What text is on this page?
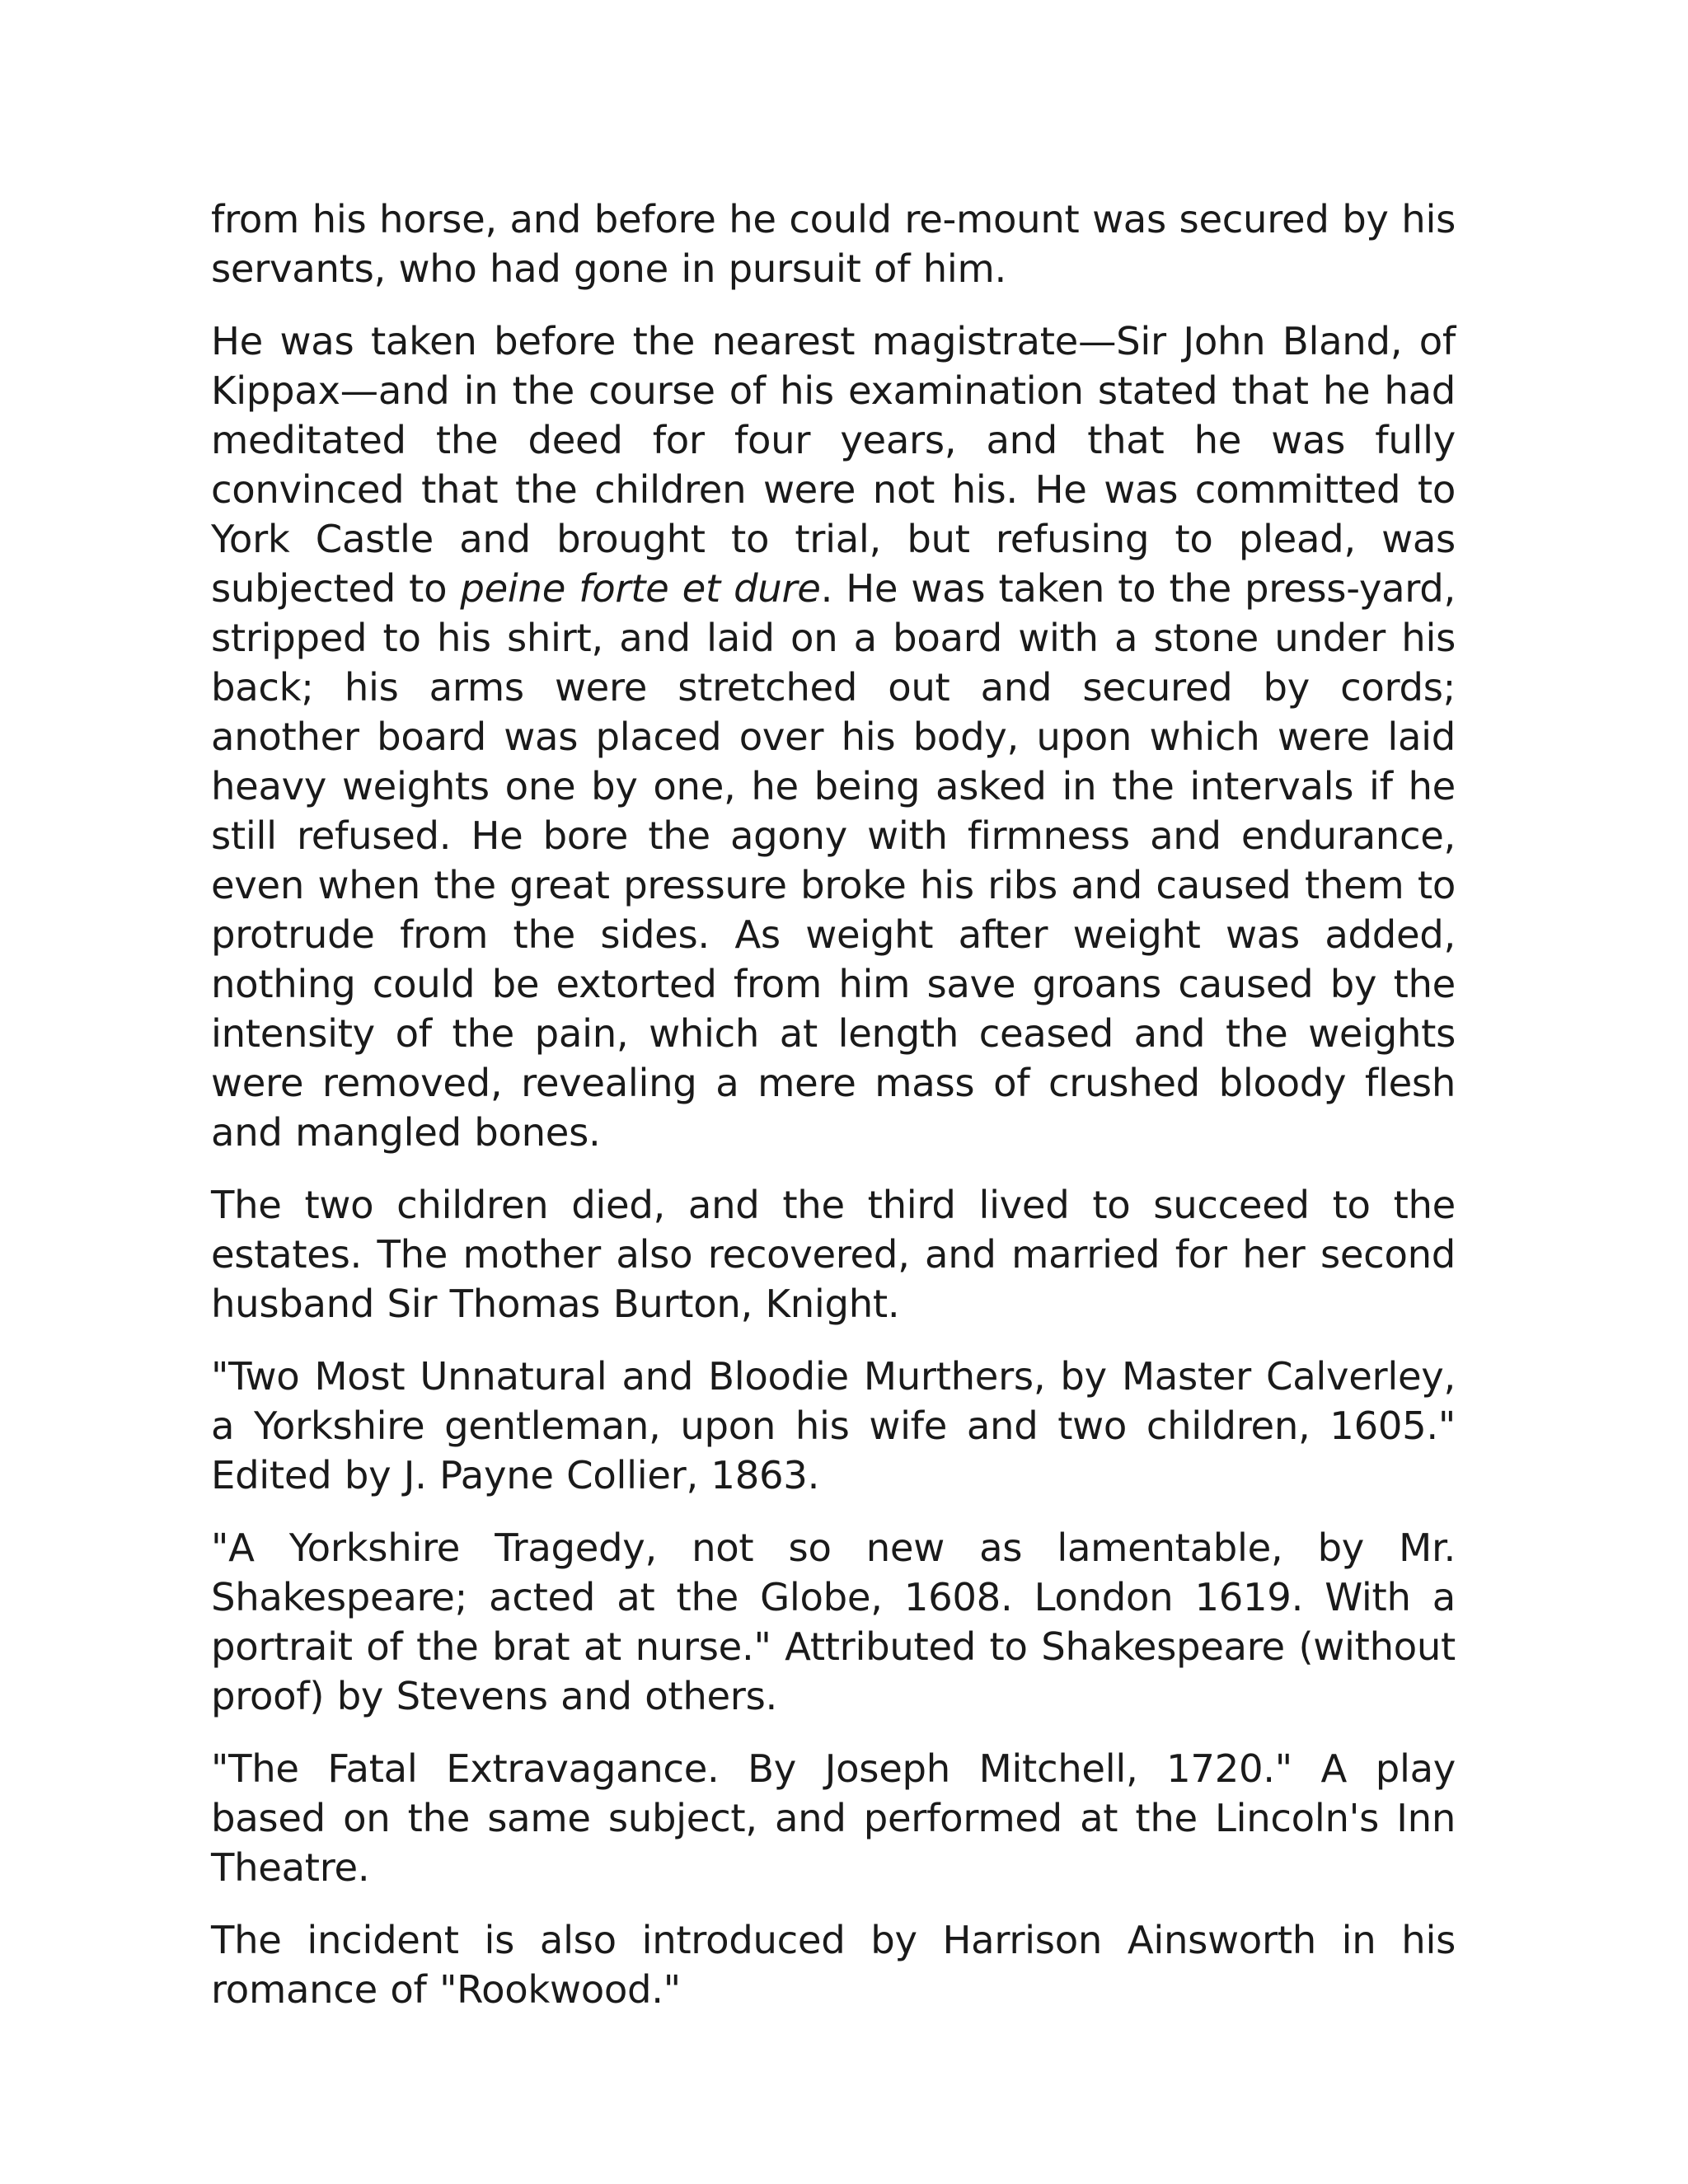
from his horse, and before he could re-mount was secured by his servants, who had gone in pursuit of him.

He was taken before the nearest magistrate—Sir John Bland, of Kippax—and in the course of his examination stated that he had meditated the deed for four years, and that he was fully convinced that the children were not his. He was committed to York Castle and brought to trial, but refusing to plead, was subjected to peine forte et dure. He was taken to the press-yard, stripped to his shirt, and laid on a board with a stone under his back; his arms were stretched out and secured by cords; another board was placed over his body, upon which were laid heavy weights one by one, he being asked in the intervals if he still refused. He bore the agony with firmness and endurance, even when the great pressure broke his ribs and caused them to protrude from the sides. As weight after weight was added, nothing could be extorted from him save groans caused by the intensity of the pain, which at length ceased and the weights were removed, revealing a mere mass of crushed bloody flesh and mangled bones.

The two children died, and the third lived to succeed to the estates. The mother also recovered, and married for her second husband Sir Thomas Burton, Knight.

"Two Most Unnatural and Bloodie Murthers, by Master Calverley, a Yorkshire gentleman, upon his wife and two children, 1605." Edited by J. Payne Collier, 1863.

"A Yorkshire Tragedy, not so new as lamentable, by Mr. Shakespeare; acted at the Globe, 1608. London 1619. With a portrait of the brat at nurse." Attributed to Shakespeare (without proof) by Stevens and others.

"The Fatal Extravagance. By Joseph Mitchell, 1720." A play based on the same subject, and performed at the Lincoln's Inn Theatre.

The incident is also introduced by Harrison Ainsworth in his romance of "Rookwood."
